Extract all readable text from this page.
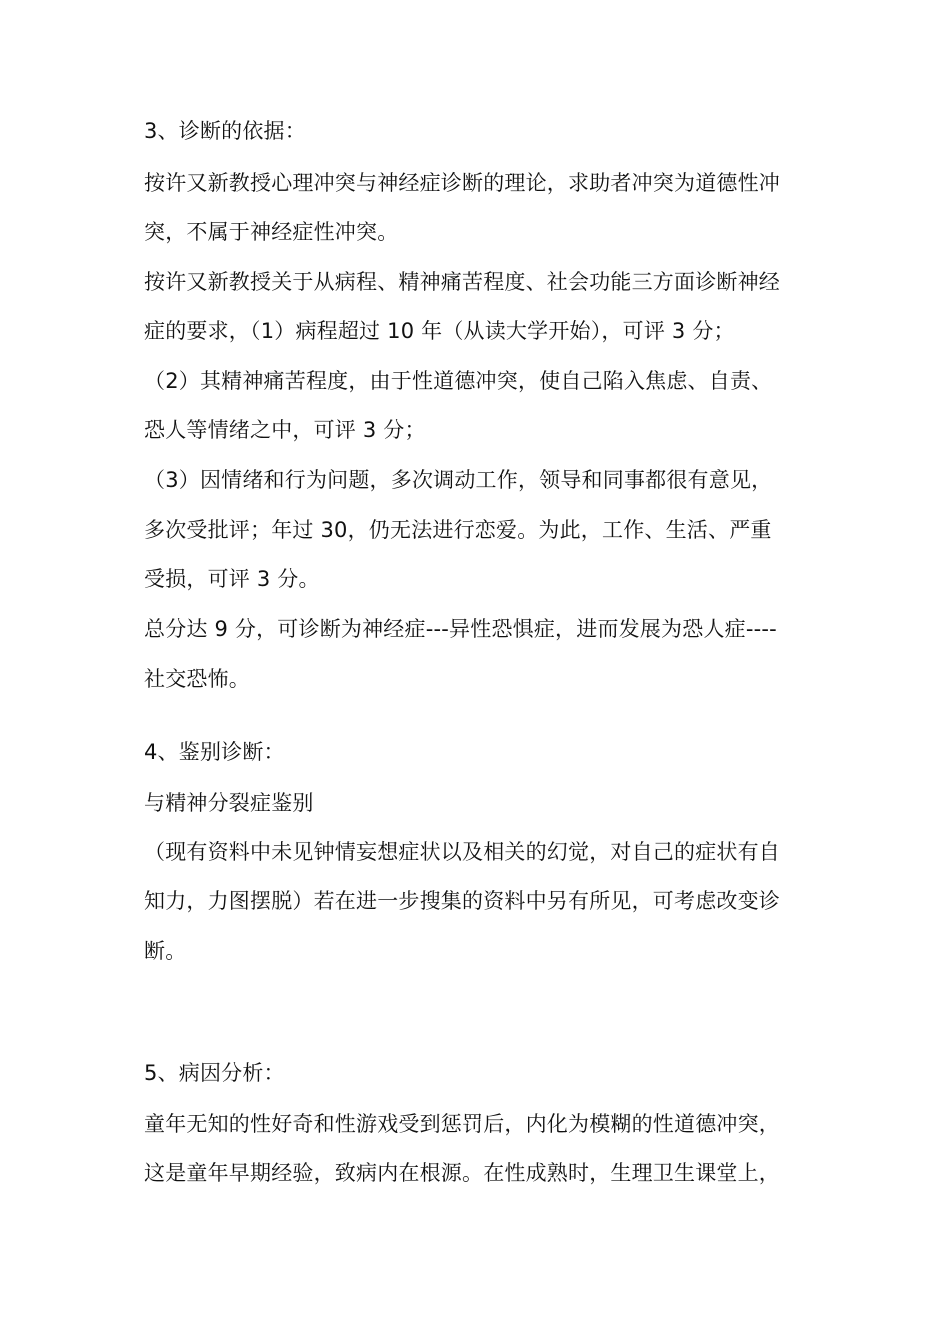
3、诊断的依据：
按许又新教授心理冲突与神经症诊断的理论，求助者冲突为道德性冲
突，不属于神经症性冲突。
按许又新教授关于从病程、精神痛苦程度、社会功能三方面诊断神经
症的要求，（1）病程超过 10 年（从读大学开始），可评 3 分；
（2）其精神痛苦程度，由于性道德冲突，使自己陷入焦虑、自责、
恐人等情绪之中，可评 3 分；
（3）因情绪和行为问题，多次调动工作，领导和同事都很有意见，
多次受批评；年过 30，仍无法进行恋爱。为此，工作、生活、严重
受损，可评 3 分。
总分达 9 分，可诊断为神经症---异性恐惧症，进而发展为恐人症----
社交恐怖。
4、鉴别诊断：
与精神分裂症鉴别
（现有资料中未见钟情妄想症状以及相关的幻觉，对自己的症状有自
知力，力图摆脱）若在进一步搜集的资料中另有所见，可考虑改变诊
断。
5、病因分析：
童年无知的性好奇和性游戏受到惩罚后，内化为模糊的性道德冲突，
这是童年早期经验，致病内在根源。在性成熟时，生理卫生课堂上，
